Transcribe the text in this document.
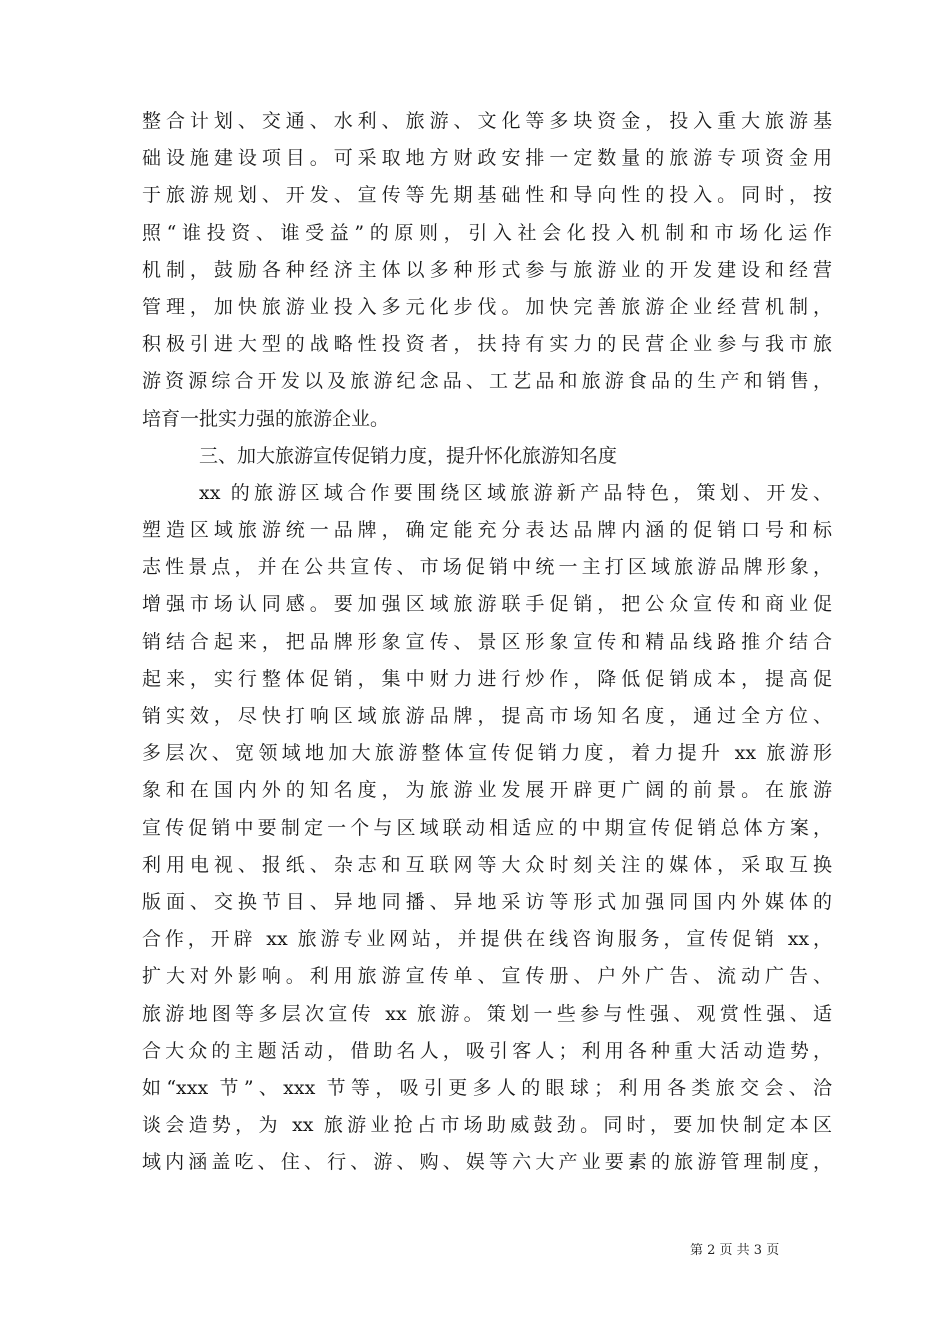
整合计划、交通、水利、旅游、文化等多块资金，投入重大旅游基
础设施建设项目。可采取地方财政安排一定数量的旅游专项资金用
于旅游规划、开发、宣传等先期基础性和导向性的投入。同时，按
照“谁投资、谁受益”的原则，引入社会化投入机制和市场化运作
机制，鼓励各种经济主体以多种形式参与旅游业的开发建设和经营
管理，加快旅游业投入多元化步伐。加快完善旅游企业经营机制，
积极引进大型的战略性投资者，扶持有实力的民营企业参与我市旅
游资源综合开发以及旅游纪念品、工艺品和旅游食品的生产和销售，
培育一批实力强的旅游企业。
三、加大旅游宣传促销力度，提升怀化旅游知名度
xx 的旅游区域合作要围绕区域旅游新产品特色，策划、开发、
塑造区域旅游统一品牌，确定能充分表达品牌内涵的促销口号和标
志性景点，并在公共宣传、市场促销中统一主打区域旅游品牌形象，
增强市场认同感。要加强区域旅游联手促销，把公众宣传和商业促
销结合起来，把品牌形象宣传、景区形象宣传和精品线路推介结合
起来，实行整体促销，集中财力进行炒作，降低促销成本，提高促
销实效，尽快打响区域旅游品牌，提高市场知名度，通过全方位、
多层次、宽领域地加大旅游整体宣传促销力度，着力提升 xx 旅游形
象和在国内外的知名度，为旅游业发展开辟更广阔的前景。在旅游
宣传促销中要制定一个与区域联动相适应的中期宣传促销总体方案，
利用电视、报纸、杂志和互联网等大众时刻关注的媒体，采取互换
版面、交换节目、异地同播、异地采访等形式加强同国内外媒体的
合作，开辟 xx 旅游专业网站，并提供在线咨询服务，宣传促销 xx，
扩大对外影响。利用旅游宣传单、宣传册、户外广告、流动广告、
旅游地图等多层次宣传 xx 旅游。策划一些参与性强、观赏性强、适
合大众的主题活动，借助名人，吸引客人；利用各种重大活动造势，
如“xxx 节”、xxx 节等，吸引更多人的眼球；利用各类旅交会、洽
谈会造势，为 xx 旅游业抢占市场助威鼓劲。同时，要加快制定本区
域内涵盖吃、住、行、游、购、娱等六大产业要素的旅游管理制度，
第 2 页 共 3 页
